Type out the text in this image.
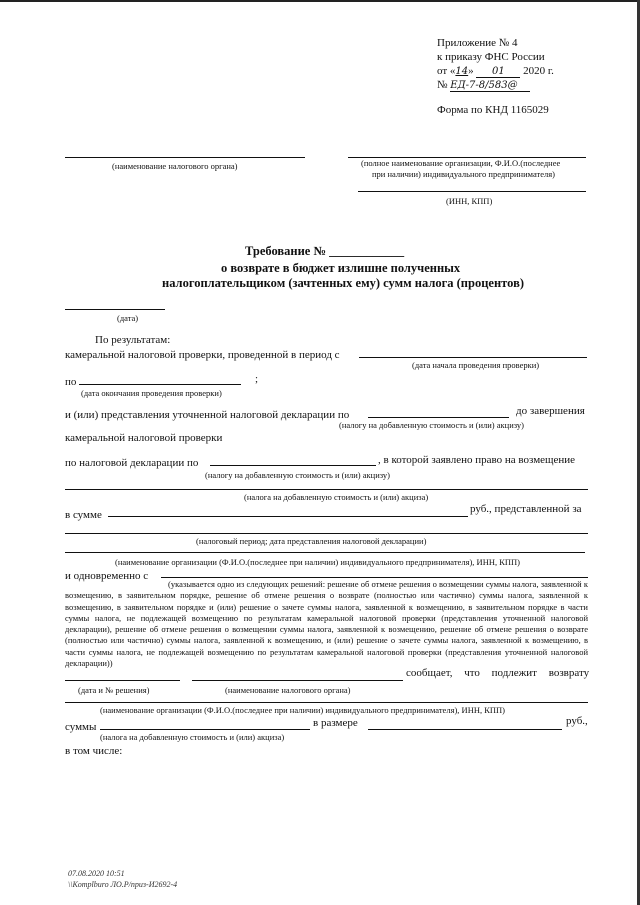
Приложение № 4
к приказу ФНС России
от «14» 01 2020 г.
№ ЕД-7-8/583@
Форма по КНД 1165029
(наименование налогового органа)	(полное наименование организации, Ф.И.О.(последнее
при наличии) индивидуального предпринимателя)
(ИНН, КПП)
Требование № ____________
о возврате в бюджет излишне полученных
налогоплательщиком (зачтенных ему) сумм налога (процентов)
(дата)
По результатам:
камеральной налоговой проверки, проведенной в период с
(дата начала проведения проверки)
по	;
(дата окончания проведения проверки)
и (или) представления уточненной налоговой декларации по	до завершения
(налогу на добавленную стоимость и (или) акцизу)
камеральной налоговой проверки
по налоговой декларации по	, в которой заявлено право на возмещение
(налогу на добавленную стоимость и (или) акцизу)
(налога на добавленную стоимость и (или) акциза)
в сумме	руб., представленной за
(налоговый период; дата представления налоговой декларации)
(наименование организации (Ф.И.О.(последнее при наличии) индивидуального предпринимателя), ИНН, КПП)
и одновременно с
(указывается одно из следующих решений: решение об отмене решения о возмещении суммы налога, заявленной к возмещению, в заявительном порядке, решение об отмене решения о возврате (полностью или частично) суммы налога, заявленной к возмещению, в заявительном порядке и (или) решение о зачете суммы налога, заявленной к возмещению, в заявительном порядке в части суммы налога, не подлежащей возмещению по результатам камеральной налоговой проверки (представления уточненной налоговой декларации), решение об отмене решения о возмещении суммы налога, заявленной к возмещению, решение об отмене решения о возврате (полностью или частично) суммы налога, заявленной к возмещению, и (или) решение о зачете суммы налога, заявленной к возмещению, в части суммы налога, не подлежащей возмещению по результатам камеральной налоговой проверки (представления уточненной налоговой декларации))
сообщает, что подлежит возврату
(дата и № решения)	(наименование налогового органа)
(наименование организации (Ф.И.О.(последнее при наличии) индивидуального предпринимателя), ИНН, КПП)
суммы	в размере	руб.,
(налога на добавленную стоимость и (или) акциза)
в том числе:
07.08.2020 10:51
\\Komplburo ЛО.Р/приз-И2692-4
